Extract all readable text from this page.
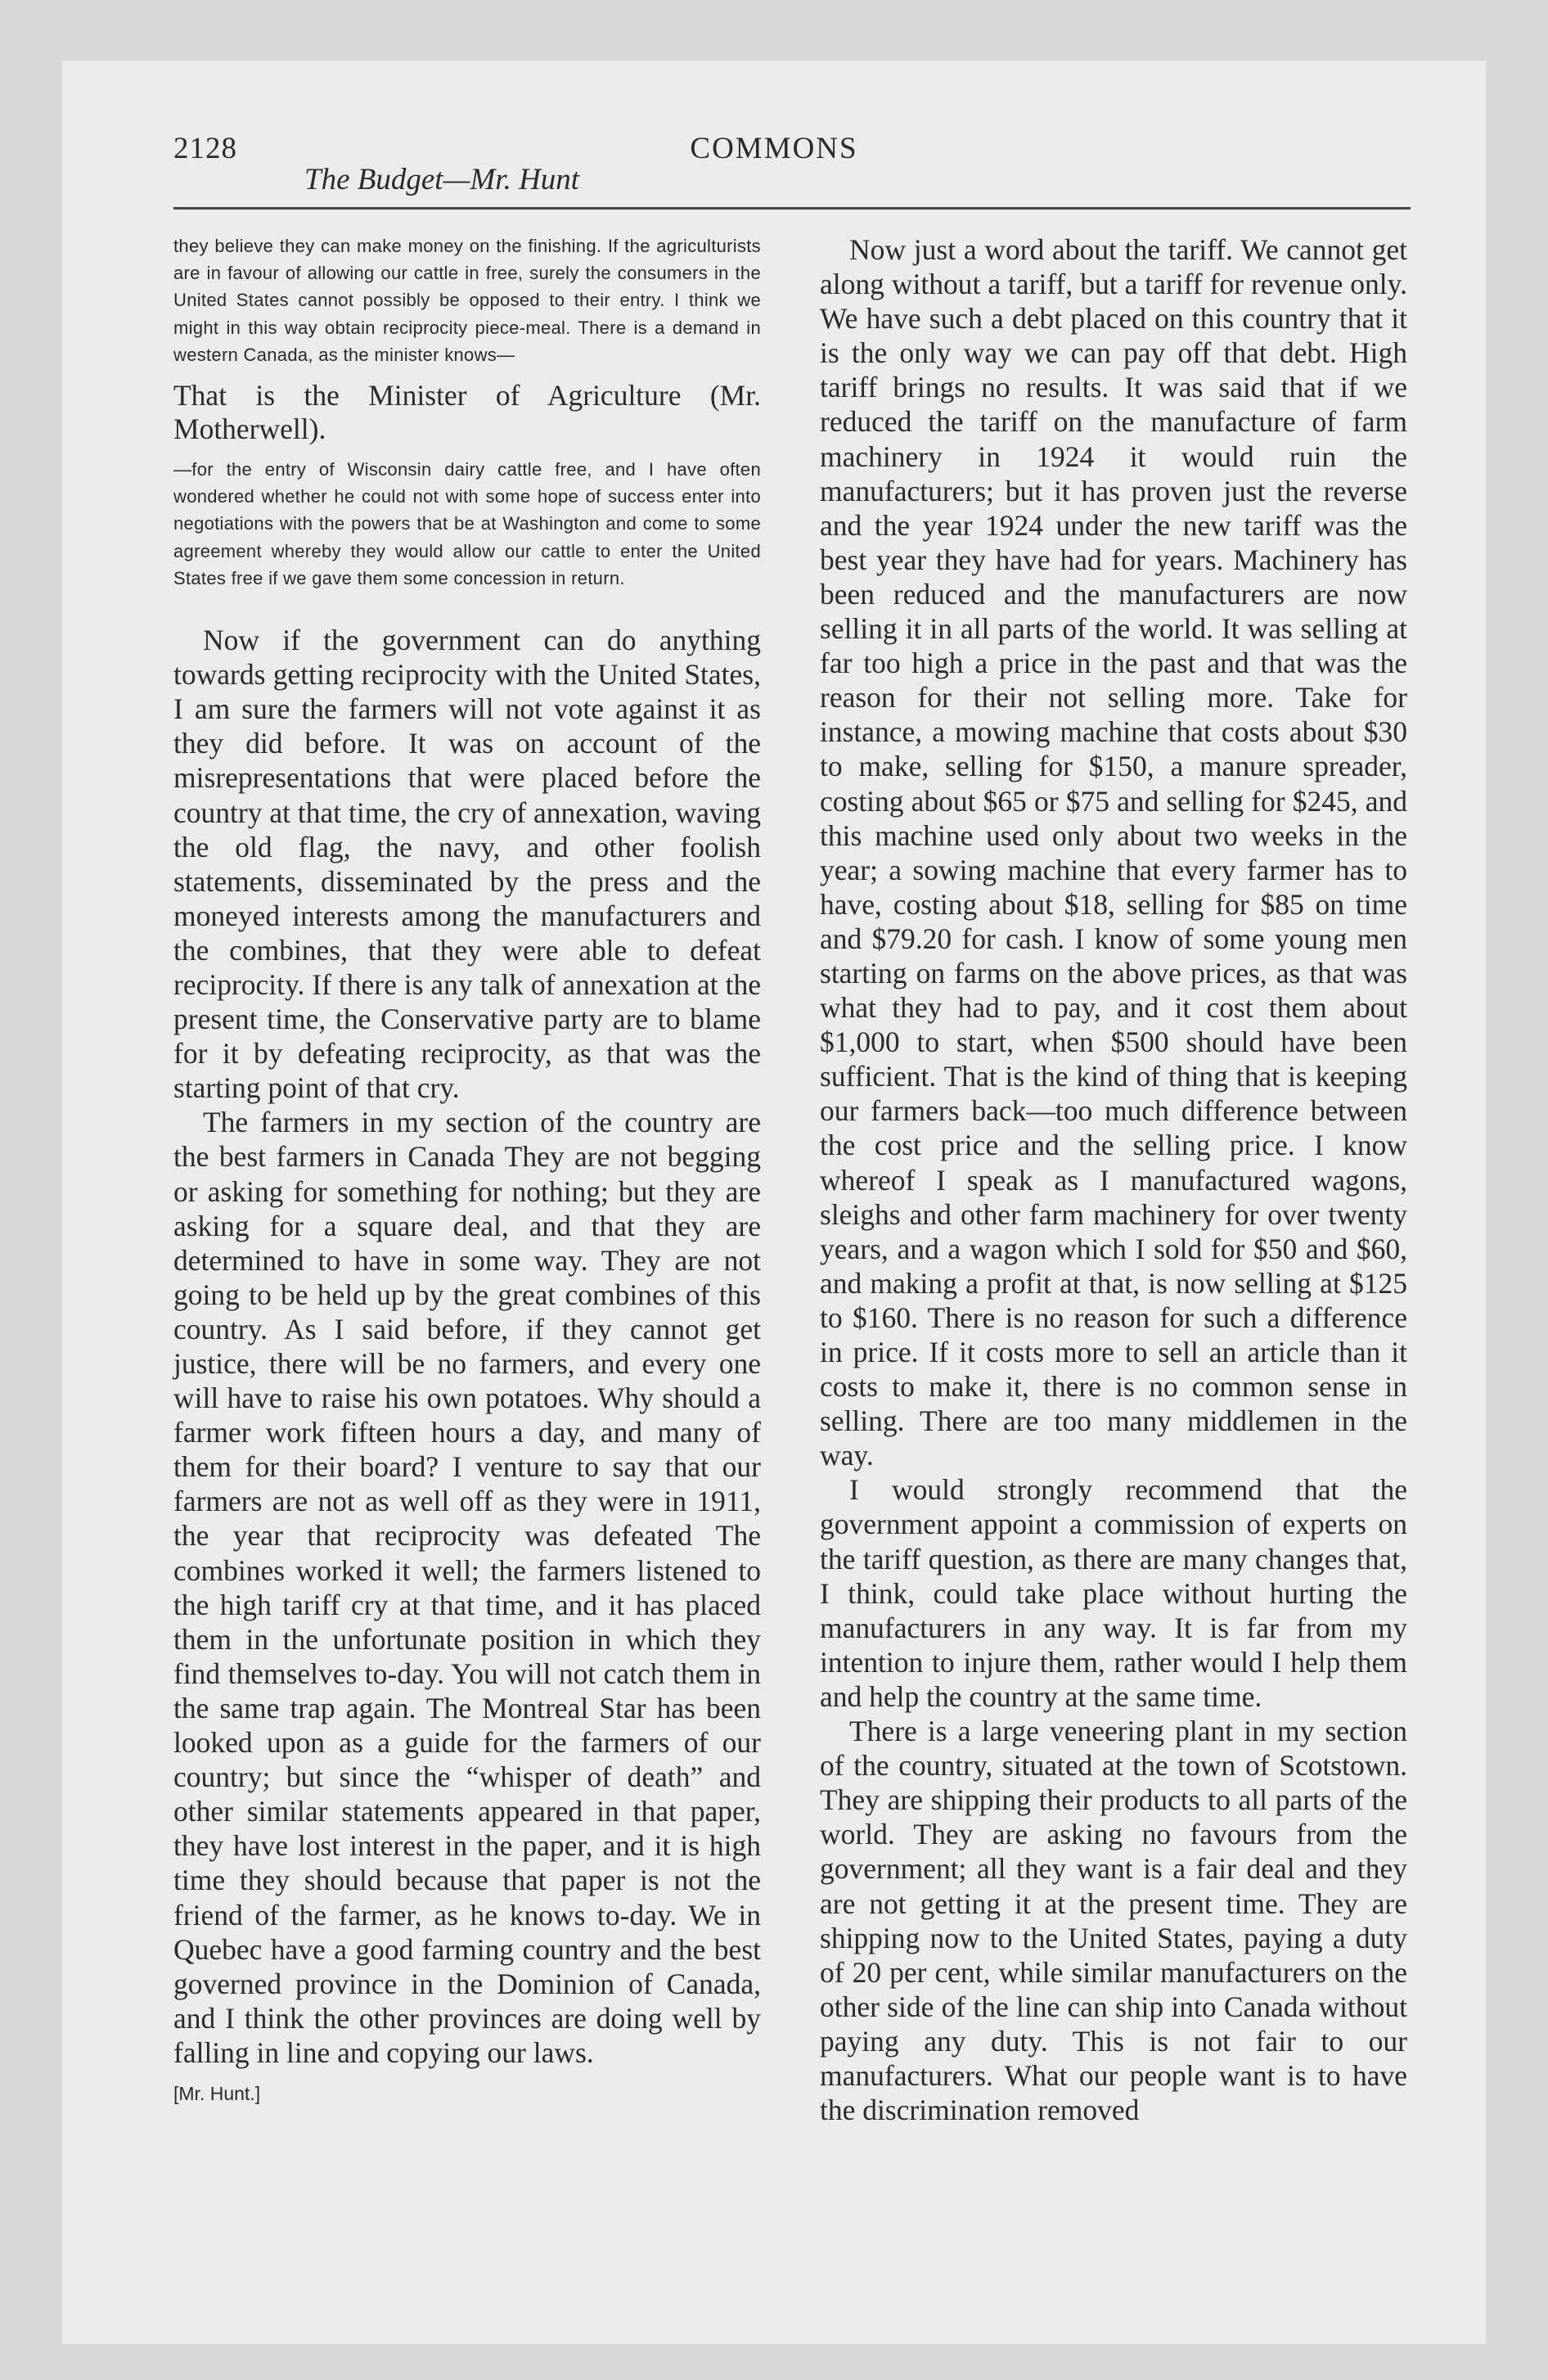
2128	COMMONS
The Budget—Mr. Hunt

they believe they can make money on the finishing. If the agriculturists are in favour of allowing our cattle in free, surely the consumers in the United States cannot possibly be opposed to their entry. I think we might in this way obtain reciprocity piece-meal. There is a demand in western Canada, as the minister knows—

That is the Minister of Agriculture (Mr. Motherwell).

—for the entry of Wisconsin dairy cattle free, and I have often wondered whether he could not with some hope of success enter into negotiations with the powers that be at Washington and come to some agreement whereby they would allow our cattle to enter the United States free if we gave them some concession in return.

Now if the government can do anything towards getting reciprocity with the United States, I am sure the farmers will not vote against it as they did before. It was on account of the misrepresentations that were placed before the country at that time, the cry of annexation, waving the old flag, the navy, and other foolish statements, disseminated by the press and the moneyed interests among the manufacturers and the combines, that they were able to defeat reciprocity. If there is any talk of annexation at the present time, the Conservative party are to blame for it by defeating reciprocity, as that was the starting point of that cry.

The farmers in my section of the country are the best farmers in Canada They are not begging or asking for something for nothing; but they are asking for a square deal, and that they are determined to have in some way. They are not going to be held up by the great combines of this country. As I said before, if they cannot get justice, there will be no farmers, and every one will have to raise his own potatoes. Why should a farmer work fifteen hours a day, and many of them for their board? I venture to say that our farmers are not as well off as they were in 1911, the year that reciprocity was defeated The combines worked it well; the farmers listened to the high tariff cry at that time, and it has placed them in the unfortunate position in which they find themselves to-day. You will not catch them in the same trap again. The Montreal Star has been looked upon as a guide for the farmers of our country; but since the “whisper of death” and other similar statements appeared in that paper, they have lost interest in the paper, and it is high time they should because that paper is not the friend of the farmer, as he knows to-day. We in Quebec have a good farming country and the best governed province in the Dominion of Canada, and I think the other provinces are doing well by falling in line and copying our laws.

[Mr. Hunt.]

Now just a word about the tariff. We cannot get along without a tariff, but a tariff for revenue only. We have such a debt placed on this country that it is the only way we can pay off that debt. High tariff brings no results. It was said that if we reduced the tariff on the manufacture of farm machinery in 1924 it would ruin the manufacturers; but it has proven just the reverse and the year 1924 under the new tariff was the best year they have had for years. Machinery has been reduced and the manufacturers are now selling it in all parts of the world. It was selling at far too high a price in the past and that was the reason for their not selling more. Take for instance, a mowing machine that costs about $30 to make, selling for $150, a manure spreader, costing about $65 or $75 and selling for $245, and this machine used only about two weeks in the year; a sowing machine that every farmer has to have, costing about $18, selling for $85 on time and $79.20 for cash. I know of some young men starting on farms on the above prices, as that was what they had to pay, and it cost them about $1,000 to start, when $500 should have been sufficient. That is the kind of thing that is keeping our farmers back—too much difference between the cost price and the selling price. I know whereof I speak as I manufactured wagons, sleighs and other farm machinery for over twenty years, and a wagon which I sold for $50 and $60, and making a profit at that, is now selling at $125 to $160. There is no reason for such a difference in price. If it costs more to sell an article than it costs to make it, there is no common sense in selling. There are too many middlemen in the way.

I would strongly recommend that the government appoint a commission of experts on the tariff question, as there are many changes that, I think, could take place without hurting the manufacturers in any way. It is far from my intention to injure them, rather would I help them and help the country at the same time.

There is a large veneering plant in my section of the country, situated at the town of Scotstown. They are shipping their products to all parts of the world. They are asking no favours from the government; all they want is a fair deal and they are not getting it at the present time. They are shipping now to the United States, paying a duty of 20 per cent, while similar manufacturers on the other side of the line can ship into Canada without paying any duty. This is not fair to our manufacturers. What our people want is to have the discrimination removed
